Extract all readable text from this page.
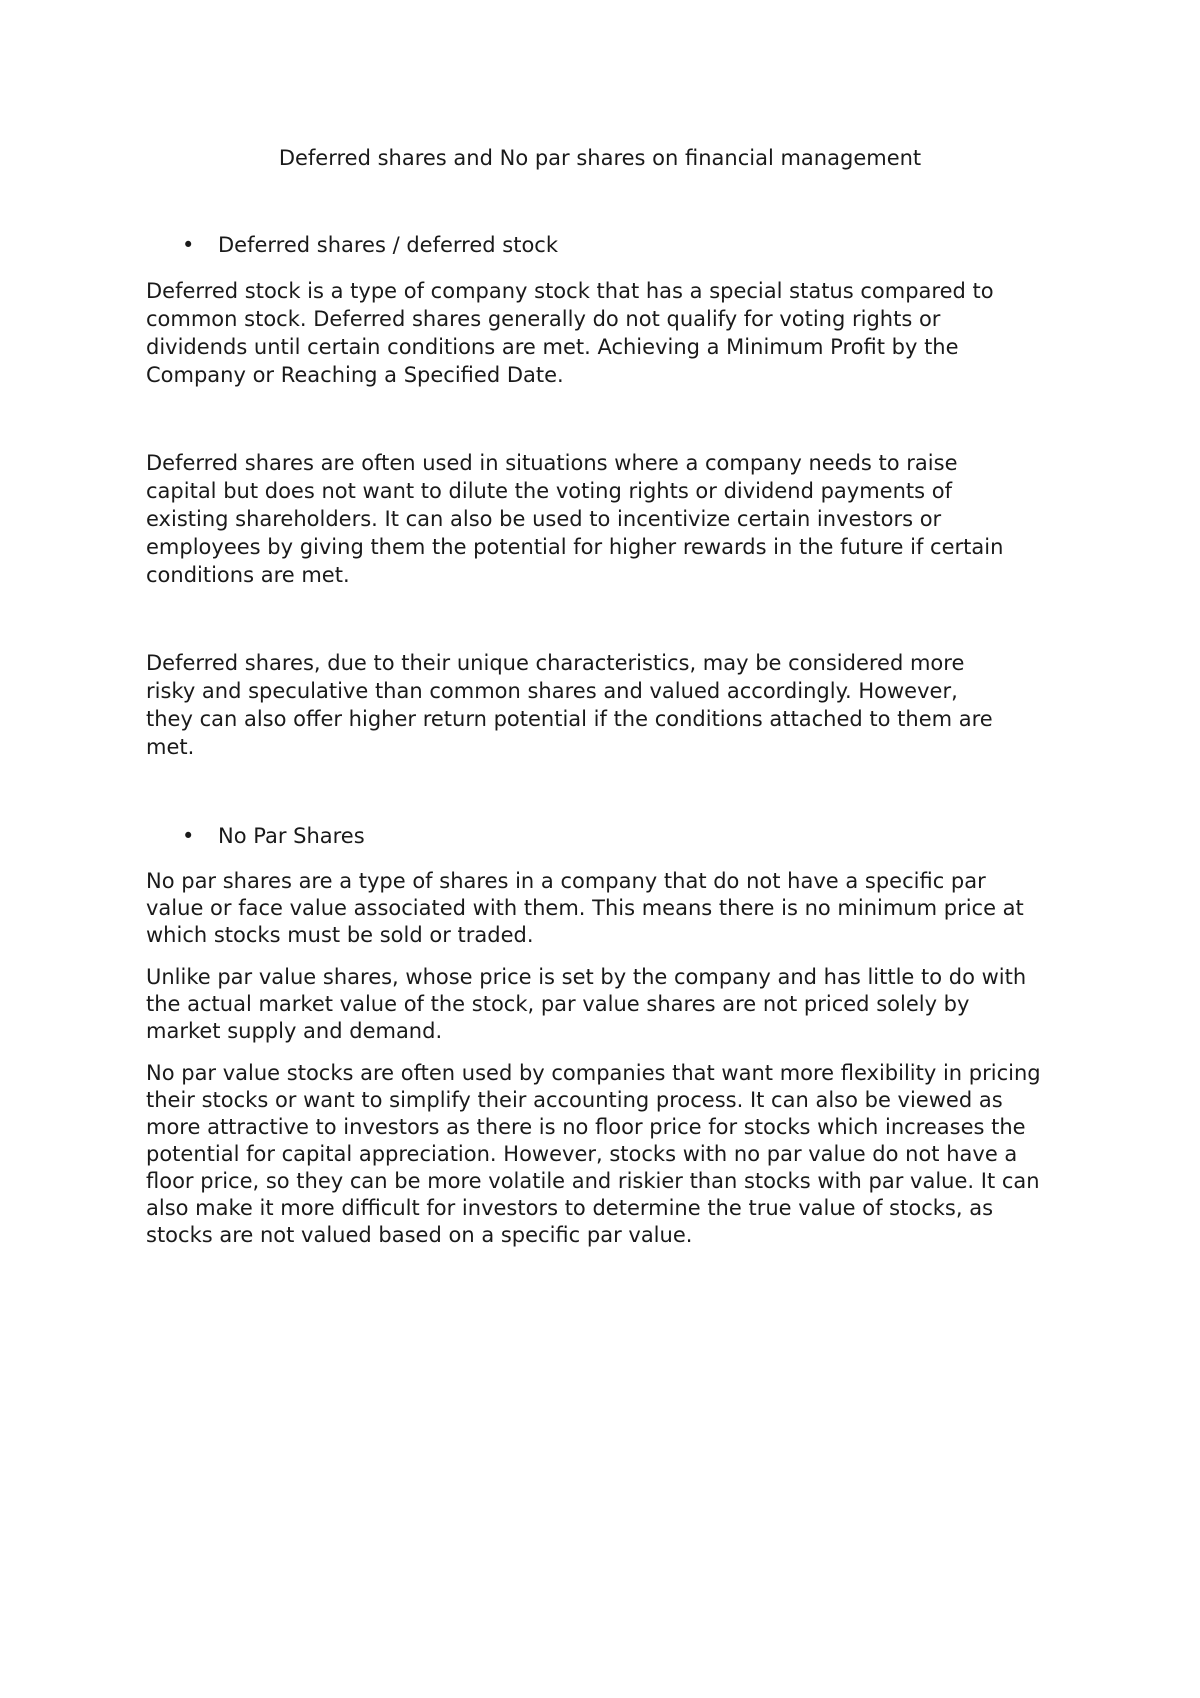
Deferred shares and No par shares on financial management
• Deferred shares / deferred stock

Deferred stock is a type of company stock that has a special status compared to
common stock. Deferred shares generally do not qualify for voting rights or
dividends until certain conditions are met. Achieving a Minimum Profit by the
Company or Reaching a Specified Date.

Deferred shares are often used in situations where a company needs to raise
capital but does not want to dilute the voting rights or dividend payments of
existing shareholders. It can also be used to incentivize certain investors or
employees by giving them the potential for higher rewards in the future if certain
conditions are met.

Deferred shares, due to their unique characteristics, may be considered more
risky and speculative than common shares and valued accordingly. However,
they can also offer higher return potential if the conditions attached to them are
met.

• No Par Shares

No par shares are a type of shares in a company that do not have a specific par
value or face value associated with them. This means there is no minimum price at
which stocks must be sold or traded.

Unlike par value shares, whose price is set by the company and has little to do with
the actual market value of the stock, par value shares are not priced solely by
market supply and demand.

No par value stocks are often used by companies that want more flexibility in pricing
their stocks or want to simplify their accounting process. It can also be viewed as
more attractive to investors as there is no floor price for stocks which increases the
potential for capital appreciation. However, stocks with no par value do not have a
floor price, so they can be more volatile and riskier than stocks with par value. It can
also make it more difficult for investors to determine the true value of stocks, as
stocks are not valued based on a specific par value.
